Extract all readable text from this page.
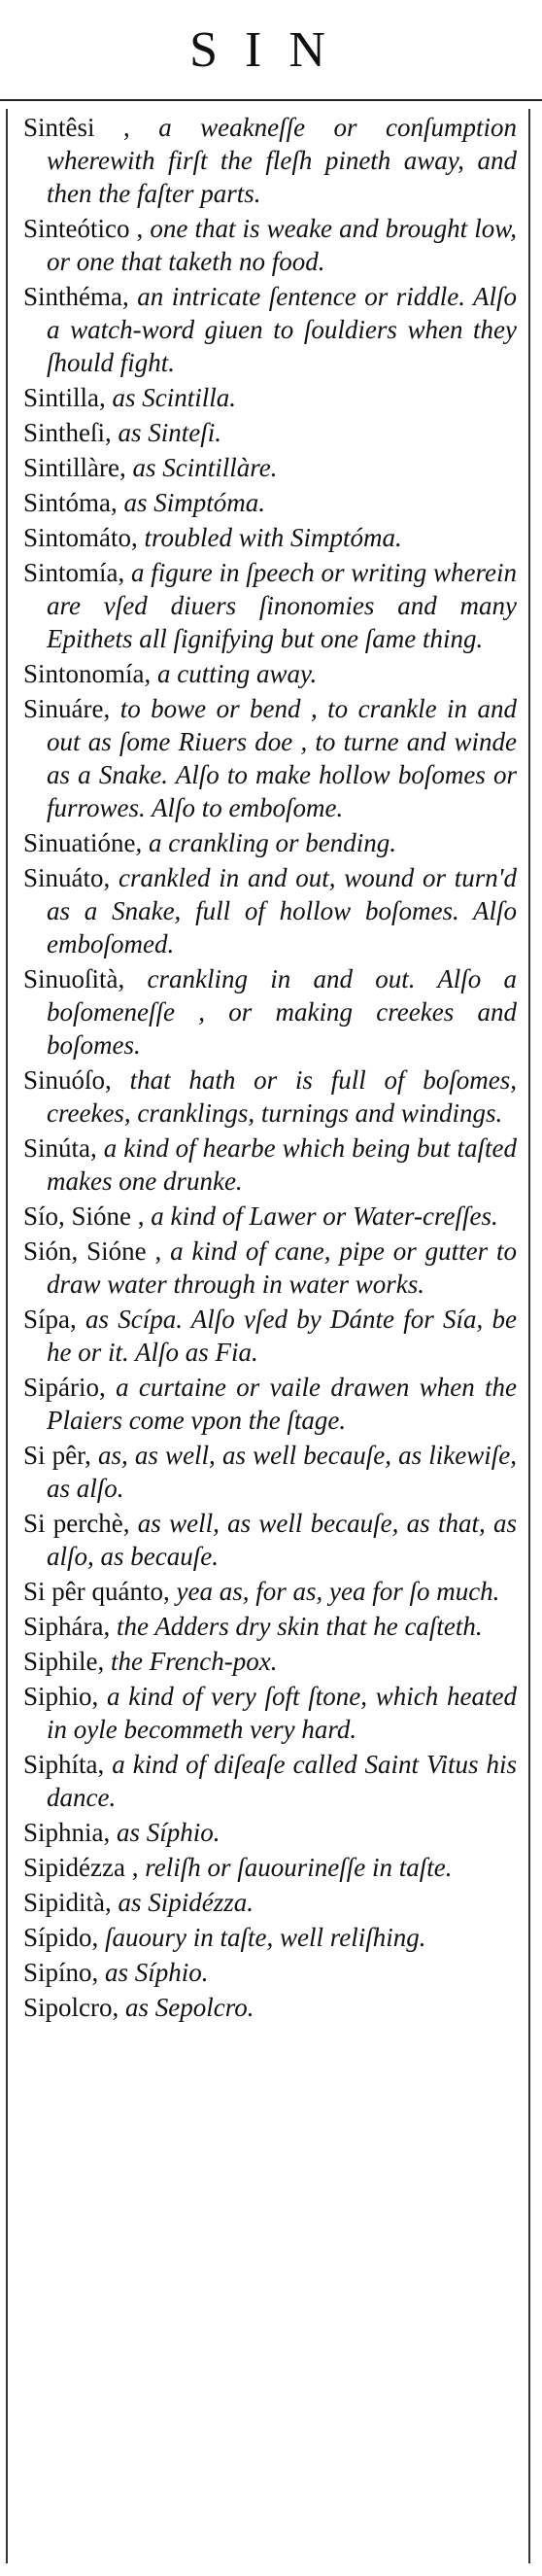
SIN

Sintêsi , a weakneſſe or conſumption wherewith firſt the fleſh pineth away, and then the faſter parts.

Sinteótico , one that is weake and brought low, or one that taketh no food.

Sinthéma, an intricate ſentence or riddle. Alſo a watch-word giuen to ſouldiers when they ſhould fight.

Sintilla, as Scintilla.

Sintheſi, as Sinteſi.

Sintillàre, as Scintillàre.

Sintóma, as Simptóma.

Sintomáto, troubled with Simptóma.

Sintomía, a figure in ſpeech or writing wherein are vſed diuers ſinonomies and many Epithets all ſignifying but one ſame thing.

Sintonomía, a cutting away.

Sinuáre, to bowe or bend , to crankle in and out as ſome Riuers doe , to turne and winde as a Snake. Alſo to make hollow boſomes or furrowes. Alſo to emboſome.

Sinuatióne, a crankling or bending.

Sinuáto, crankled in and out, wound or turn'd as a Snake, full of hollow boſomes. Alſo emboſomed.

Sinuoſità, crankling in and out. Alſo a boſomeneſſe , or making creekes and boſomes.

Sinuóſo, that hath or is full of boſomes, creekes, cranklings, turnings and windings.

Sinúta, a kind of hearbe which being but taſted makes one drunke.

Sío, Sióne , a kind of Lawer or Water-creſſes.

Sión, Sióne , a kind of cane, pipe or gutter to draw water through in water works.

Sípa, as Scípa. Alſo vſed by Dánte for Sía, be he or it. Alſo as Fia.

Sipário, a curtaine or vaile drawen when the Plaiers come vpon the ſtage.

Si pêr, as, as well, as well becauſe, as likewiſe, as alſo.

Si perchè, as well, as well becauſe, as that, as alſo, as becauſe.

Si pêr quánto, yea as, for as, yea for ſo much.

Siphára, the Adders dry skin that he caſteth.

Siphile, the French-pox.

Siphio, a kind of very ſoft ſtone, which heated in oyle becommeth very hard.

Siphíta, a kind of diſeaſe called Saint Vitus his dance.

Siphnia, as Síphio.

Sipidézza , reliſh or ſauourineſſe in taſte.

Sipidità, as Sipidézza.

Sípido, ſauoury in taſte, well reliſhing.

Sipíno, as Síphio.

Sipolcro, as Sepolcro.
